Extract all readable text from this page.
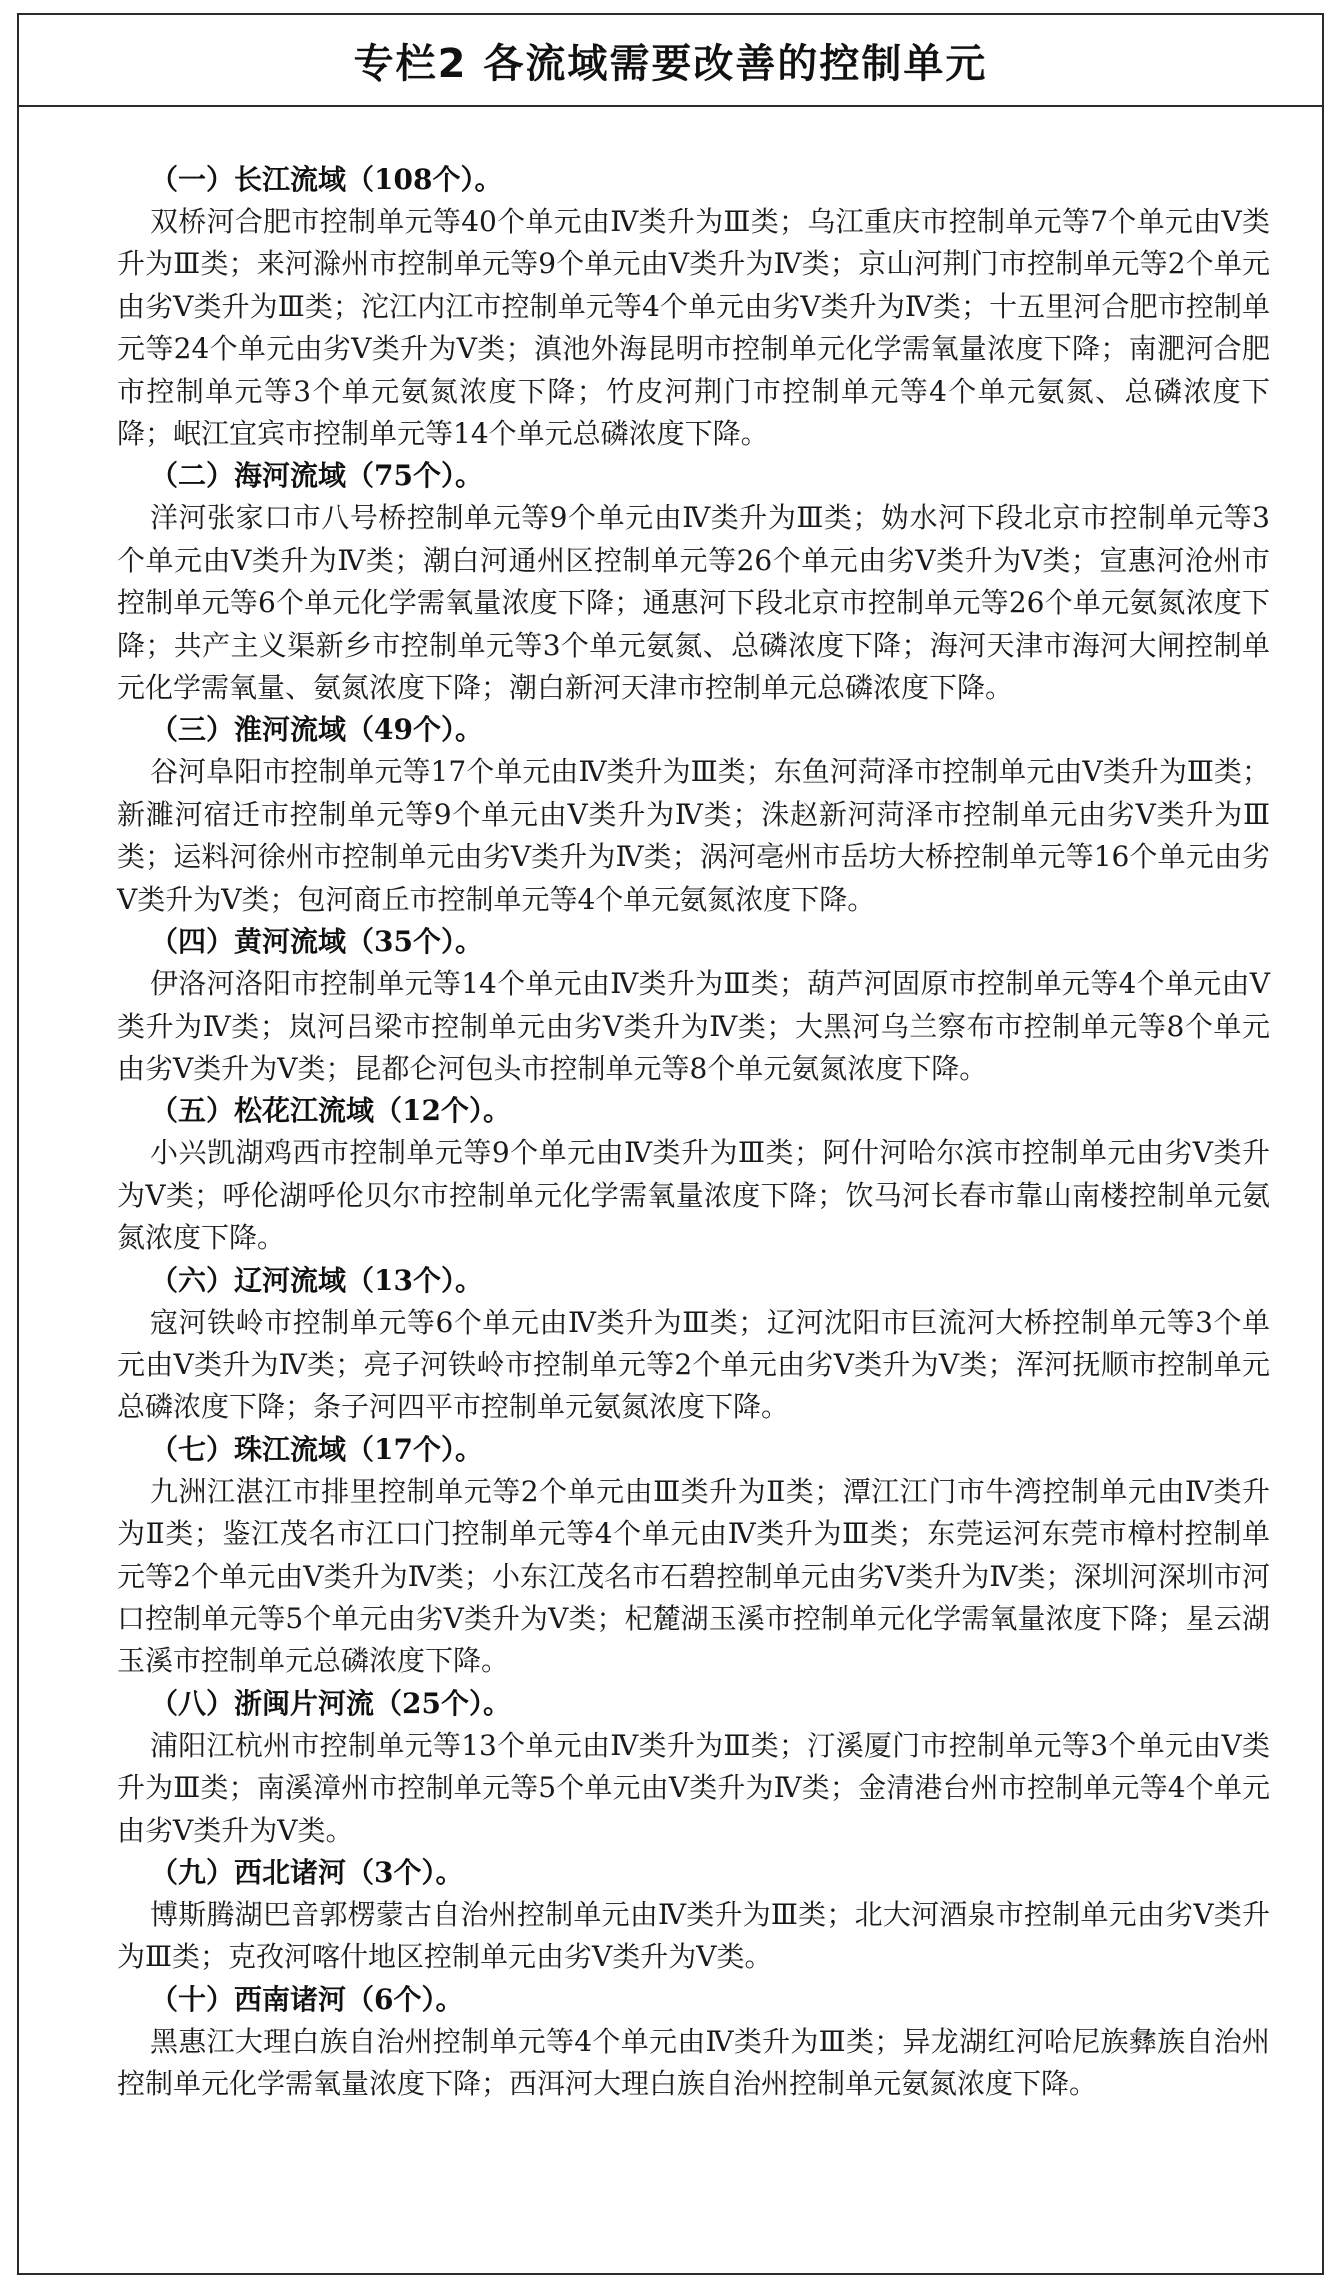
专栏2 各流域需要改善的控制单元
（一）长江流域（108个）。

双桥河合肥市控制单元等40个单元由Ⅳ类升为Ⅲ类；乌江重庆市控制单元等7个单元由Ⅴ类升为Ⅲ类；来河滁州市控制单元等9个单元由Ⅴ类升为Ⅳ类；京山河荆门市控制单元等2个单元由劣Ⅴ类升为Ⅲ类；沱江内江市控制单元等4个单元由劣Ⅴ类升为Ⅳ类；十五里河合肥市控制单元等24个单元由劣Ⅴ类升为Ⅴ类；滇池外海昆明市控制单元化学需氧量浓度下降；南淝河合肥市控制单元等3个单元氨氮浓度下降；竹皮河荆门市控制单元等4个单元氨氮、总磷浓度下降；岷江宜宾市控制单元等14个单元总磷浓度下降。

（二）海河流域（75个）。

洋河张家口市八号桥控制单元等9个单元由Ⅳ类升为Ⅲ类；妫水河下段北京市控制单元等3个单元由Ⅴ类升为Ⅳ类；潮白河通州区控制单元等26个单元由劣Ⅴ类升为Ⅴ类；宣惠河沧州市控制单元等6个单元化学需氧量浓度下降；通惠河下段北京市控制单元等26个单元氨氮浓度下降；共产主义渠新乡市控制单元等3个单元氨氮、总磷浓度下降；海河天津市海河大闸控制单元化学需氧量、氨氮浓度下降；潮白新河天津市控制单元总磷浓度下降。

（三）淮河流域（49个）。

谷河阜阳市控制单元等17个单元由Ⅳ类升为Ⅲ类；东鱼河菏泽市控制单元由Ⅴ类升为Ⅲ类；新濉河宿迁市控制单元等9个单元由Ⅴ类升为Ⅳ类；洙赵新河菏泽市控制单元由劣Ⅴ类升为Ⅲ类；运料河徐州市控制单元由劣Ⅴ类升为Ⅳ类；涡河亳州市岳坊大桥控制单元等16个单元由劣Ⅴ类升为Ⅴ类；包河商丘市控制单元等4个单元氨氮浓度下降。

（四）黄河流域（35个）。

伊洛河洛阳市控制单元等14个单元由Ⅳ类升为Ⅲ类；葫芦河固原市控制单元等4个单元由Ⅴ类升为Ⅳ类；岚河吕梁市控制单元由劣Ⅴ类升为Ⅳ类；大黑河乌兰察布市控制单元等8个单元由劣Ⅴ类升为Ⅴ类；昆都仑河包头市控制单元等8个单元氨氮浓度下降。

（五）松花江流域（12个）。

小兴凯湖鸡西市控制单元等9个单元由Ⅳ类升为Ⅲ类；阿什河哈尔滨市控制单元由劣Ⅴ类升为Ⅴ类；呼伦湖呼伦贝尔市控制单元化学需氧量浓度下降；饮马河长春市靠山南楼控制单元氨氮浓度下降。

（六）辽河流域（13个）。

寇河铁岭市控制单元等6个单元由Ⅳ类升为Ⅲ类；辽河沈阳市巨流河大桥控制单元等3个单元由Ⅴ类升为Ⅳ类；亮子河铁岭市控制单元等2个单元由劣Ⅴ类升为Ⅴ类；浑河抚顺市控制单元总磷浓度下降；条子河四平市控制单元氨氮浓度下降。

（七）珠江流域（17个）。

九洲江湛江市排里控制单元等2个单元由Ⅲ类升为Ⅱ类；潭江江门市牛湾控制单元由Ⅳ类升为Ⅱ类；鉴江茂名市江口门控制单元等4个单元由Ⅳ类升为Ⅲ类；东莞运河东莞市樟村控制单元等2个单元由Ⅴ类升为Ⅳ类；小东江茂名市石碧控制单元由劣Ⅴ类升为Ⅳ类；深圳河深圳市河口控制单元等5个单元由劣Ⅴ类升为Ⅴ类；杞麓湖玉溪市控制单元化学需氧量浓度下降；星云湖玉溪市控制单元总磷浓度下降。

（八）浙闽片河流（25个）。

浦阳江杭州市控制单元等13个单元由Ⅳ类升为Ⅲ类；汀溪厦门市控制单元等3个单元由Ⅴ类升为Ⅲ类；南溪漳州市控制单元等5个单元由Ⅴ类升为Ⅳ类；金清港台州市控制单元等4个单元由劣Ⅴ类升为Ⅴ类。

（九）西北诸河（3个）。

博斯腾湖巴音郭楞蒙古自治州控制单元由Ⅳ类升为Ⅲ类；北大河酒泉市控制单元由劣Ⅴ类升为Ⅲ类；克孜河喀什地区控制单元由劣Ⅴ类升为Ⅴ类。

（十）西南诸河（6个）。

黑惠江大理白族自治州控制单元等4个单元由Ⅳ类升为Ⅲ类；异龙湖红河哈尼族彝族自治州控制单元化学需氧量浓度下降；西洱河大理白族自治州控制单元氨氮浓度下降。
